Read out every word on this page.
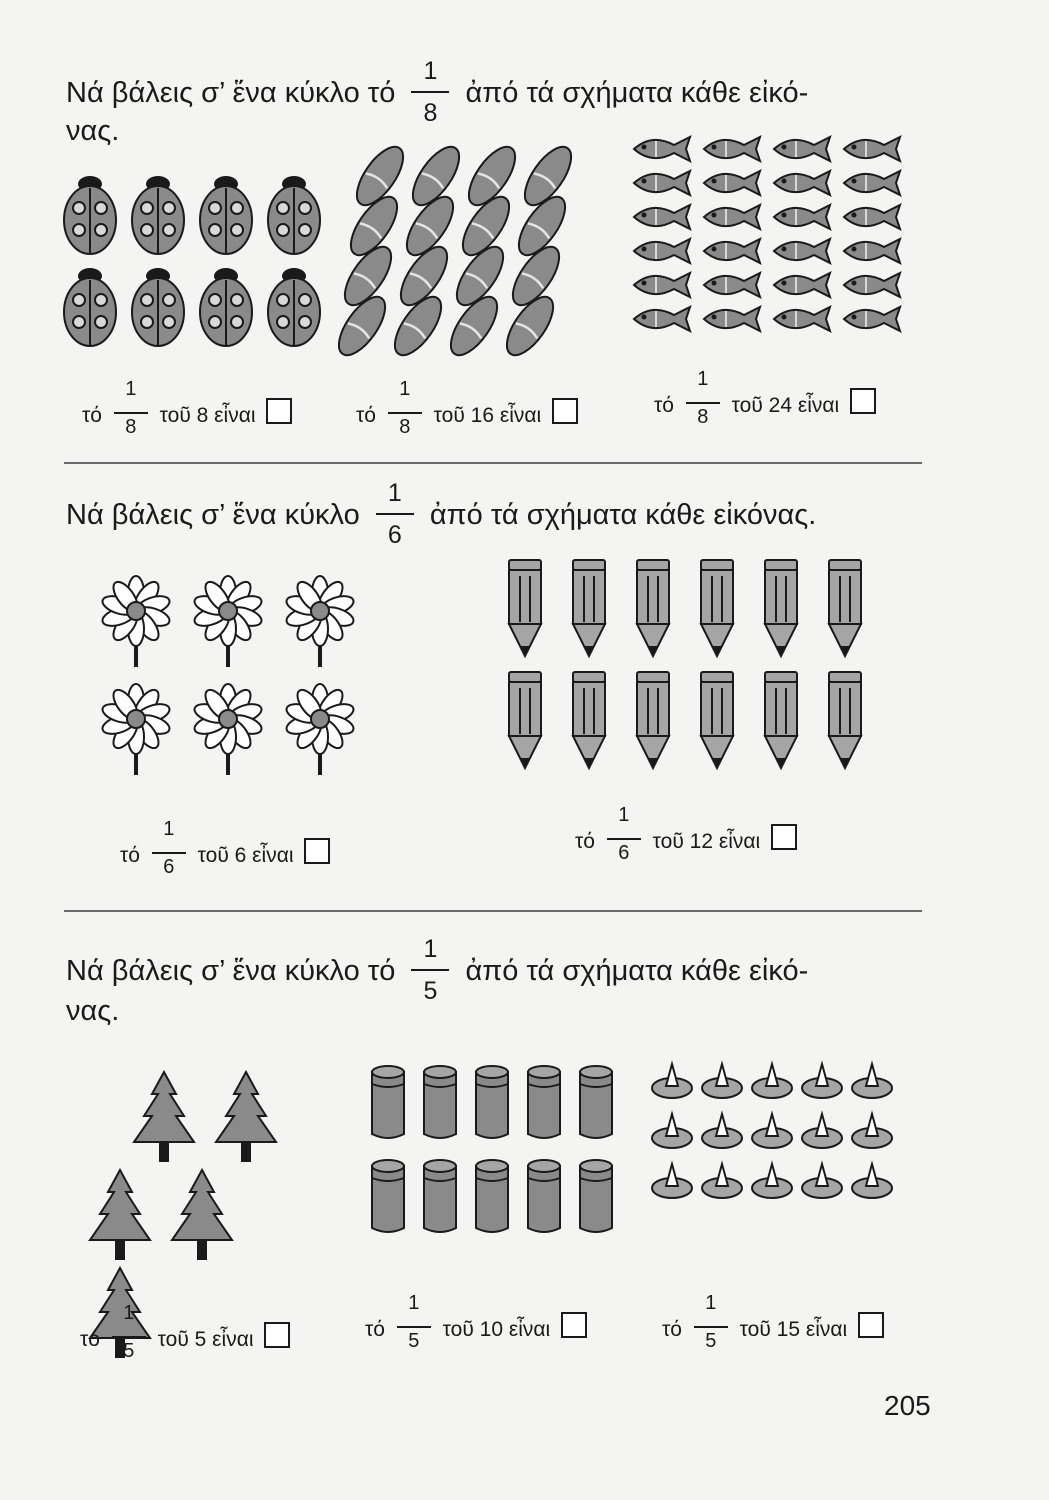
Νά βάλεις σ’ ἕνα κύκλο τό $\frac{1}{8}$ ἀπό τά σχήματα κάθε εἰκό-
νας.
τό $\frac{1}{8}$ τοῦ 8 εἶναι	τό $\frac{1}{8}$ τοῦ 16 εἶναι	τό $\frac{1}{8}$ τοῦ 24 εἶναι
Νά βάλεις σ’ ἕνα κύκλο $\frac{1}{6}$ ἀπό τά σχήματα κάθε εἰκόνας.
τό $\frac{1}{6}$ τοῦ 6 εἶναι
τό $\frac{1}{6}$ τοῦ 12 εἶναι
Νά βάλεις σ’ ἕνα κύκλο τό $\frac{1}{5}$ ἀπό τά σχήματα κάθε εἰκό-
νας.
τό $\frac{1}{5}$ τοῦ 5 εἶναι	τό $\frac{1}{5}$ τοῦ 10 εἶναι	τό $\frac{1}{5}$ τοῦ 15 εἶναι
205
